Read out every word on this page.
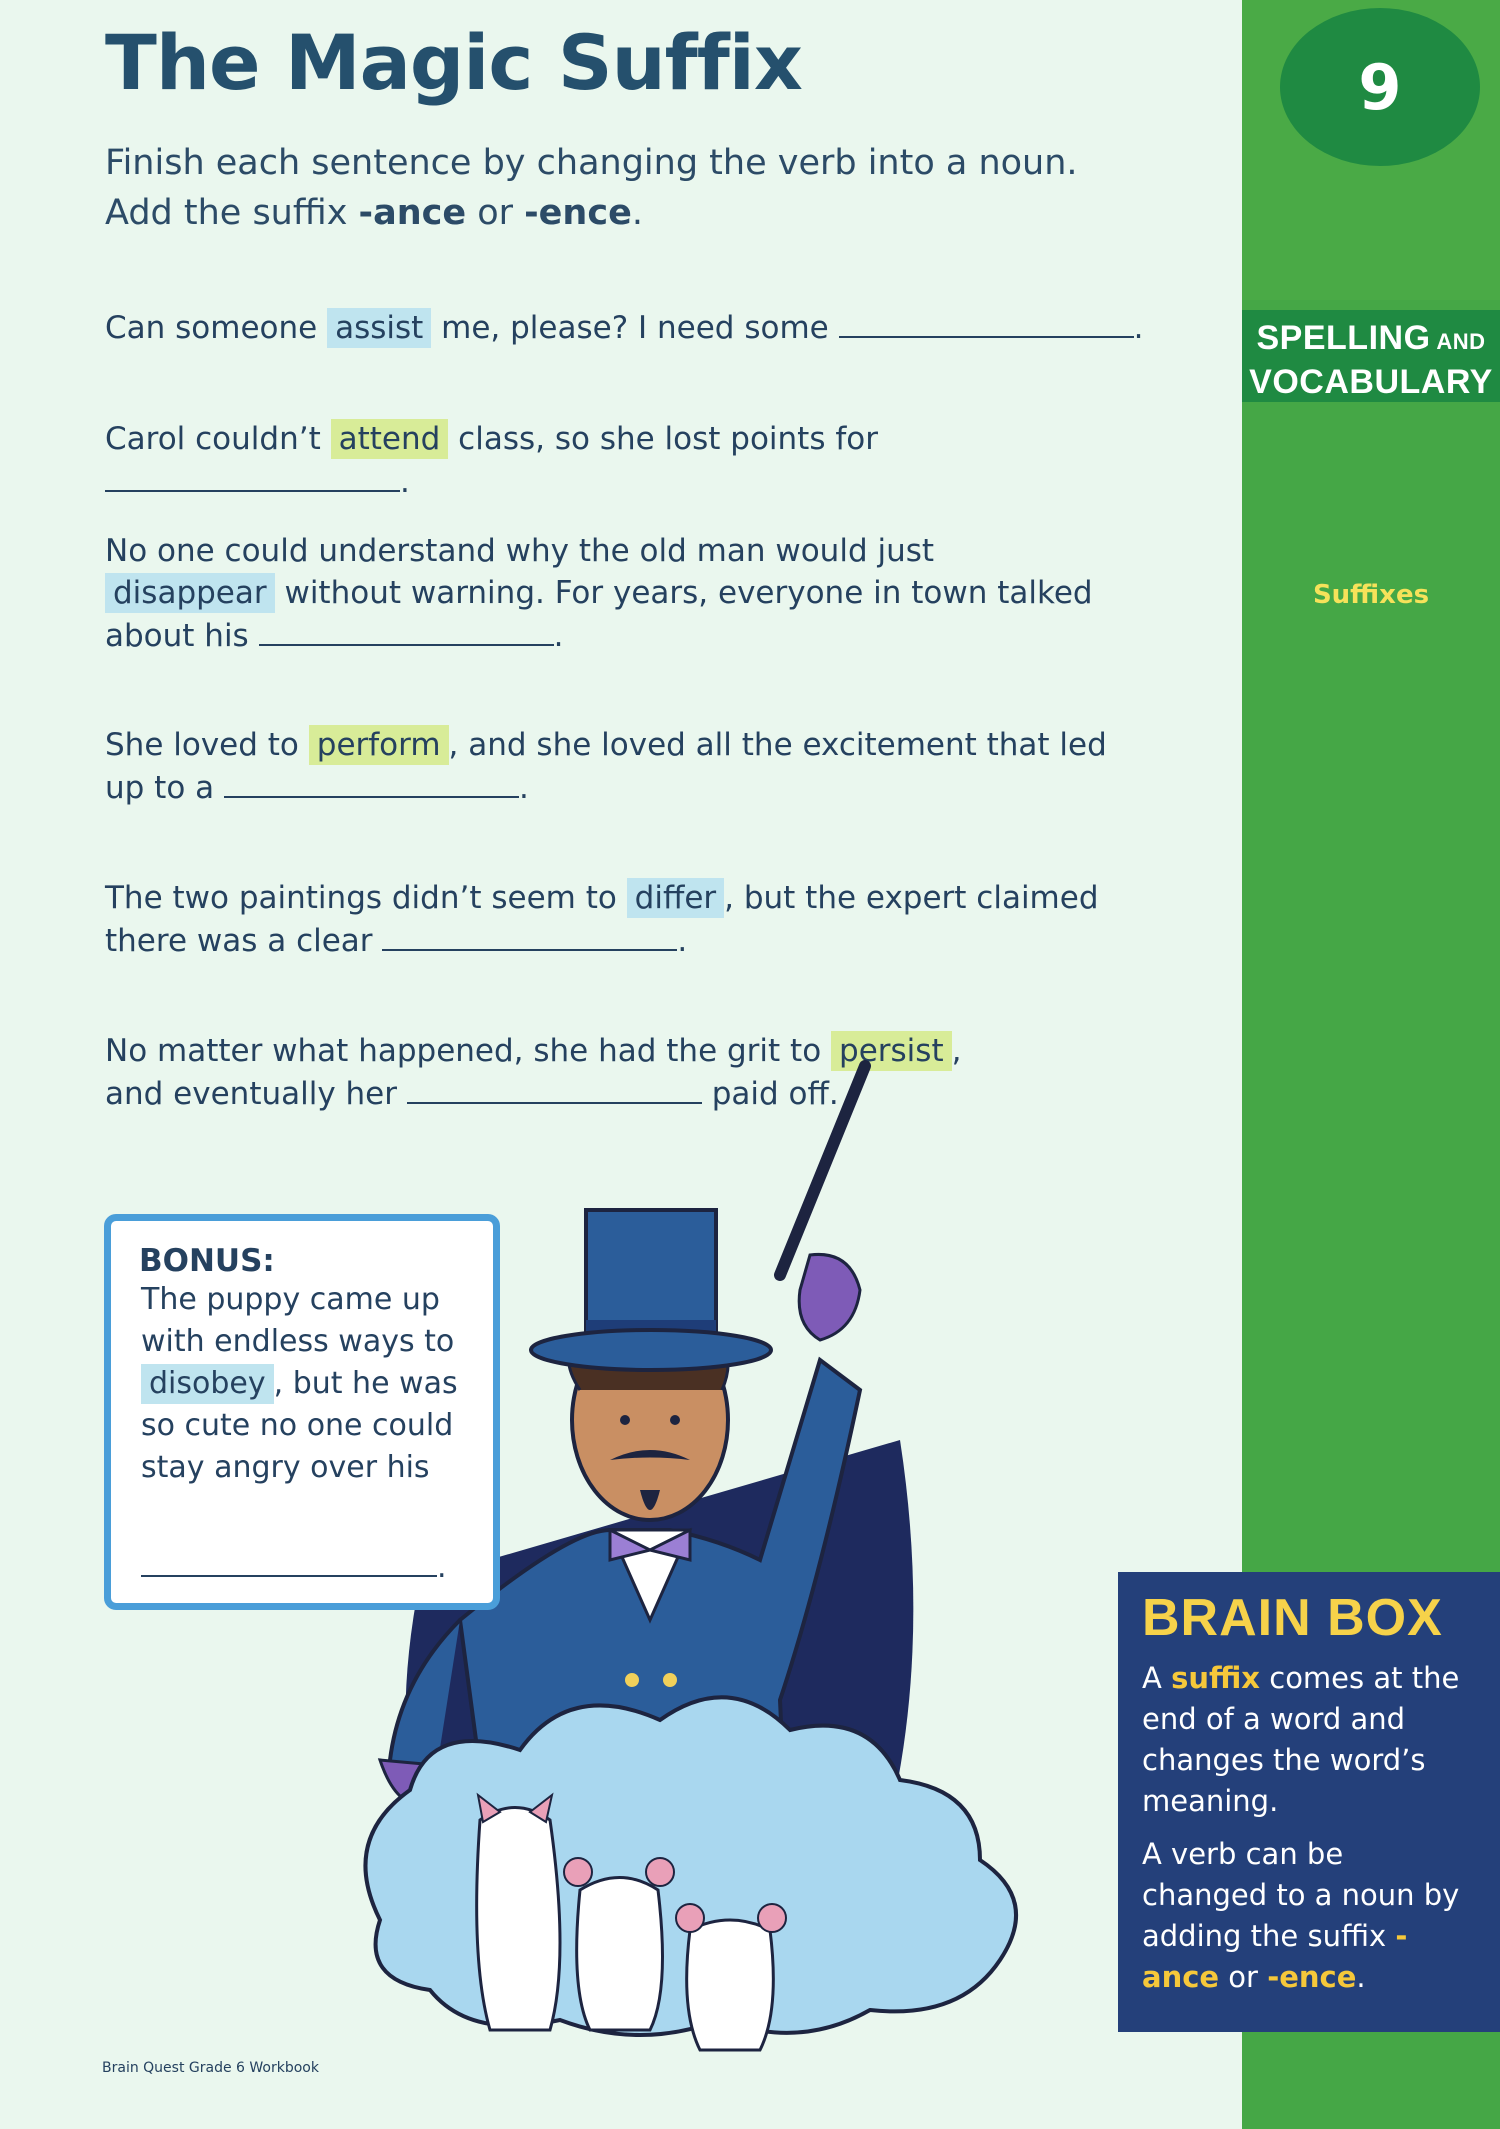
9
SPELLING AND
VOCABULARY
Suffixes
The Magic Suffix
Finish each sentence by changing the verb into a noun.
Add the suffix -ance or -ence.
Can someone assist me, please? I need some	.
Carol couldn’t attend class, so she lost points for .
No one could understand why the old man would just disappear without warning. For years, everyone in town talked about his	.
She loved to perform , and she loved all the excitement that led up to a	.
The two paintings didn’t seem to differ , but the expert claimed there was a clear	.
No matter what happened, she had the grit to persist , and eventually her	paid off.
BONUS:
The puppy came up with endless ways to disobey , but he was so cute no one could stay angry over his
.
BRAIN BOX

A suffix comes at the end of a word and changes the word’s meaning.

A verb can be changed to a noun by adding the suffix -ance or -ence.

Brain Quest Grade 6 Workbook
